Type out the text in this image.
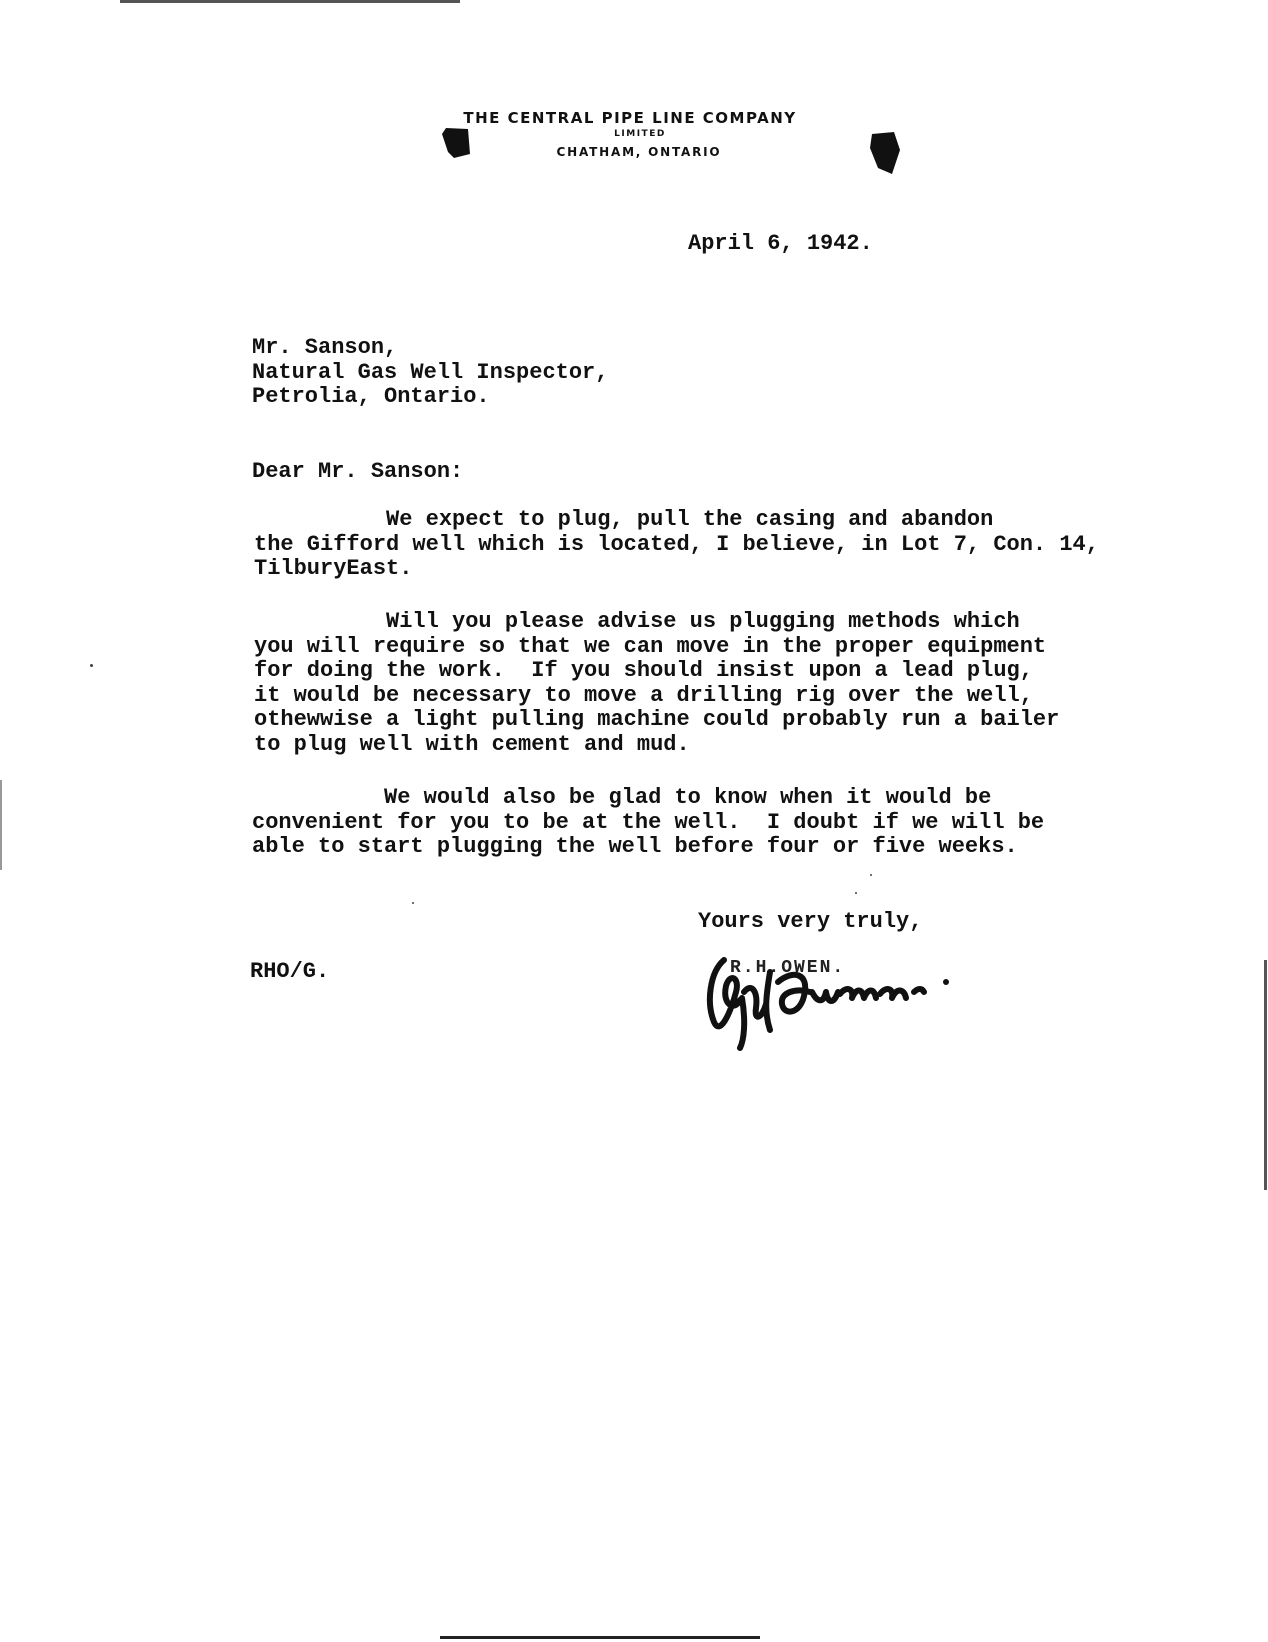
THE CENTRAL PIPE LINE COMPANY
LIMITED
CHATHAM, ONTARIO
April 6, 1942.
Mr. Sanson,
Natural Gas Well Inspector,
Petrolia, Ontario.
Dear Mr. Sanson:
We expect to plug, pull the casing and abandon
the Gifford well which is located, I believe, in Lot 7, Con. 14,
TilburyEast.
Will you please advise us plugging methods which
you will require so that we can move in the proper equipment
for doing the work.  If you should insist upon a lead plug,
it would be necessary to move a drilling rig over the well,
othewwise a light pulling machine could probably run a bailer
to plug well with cement and mud.
We would also be glad to know when it would be
convenient for you to be at the well.  I doubt if we will be
able to start plugging the well before four or five weeks.
Yours very truly,
R.H.OWEN.
RHO/G.
